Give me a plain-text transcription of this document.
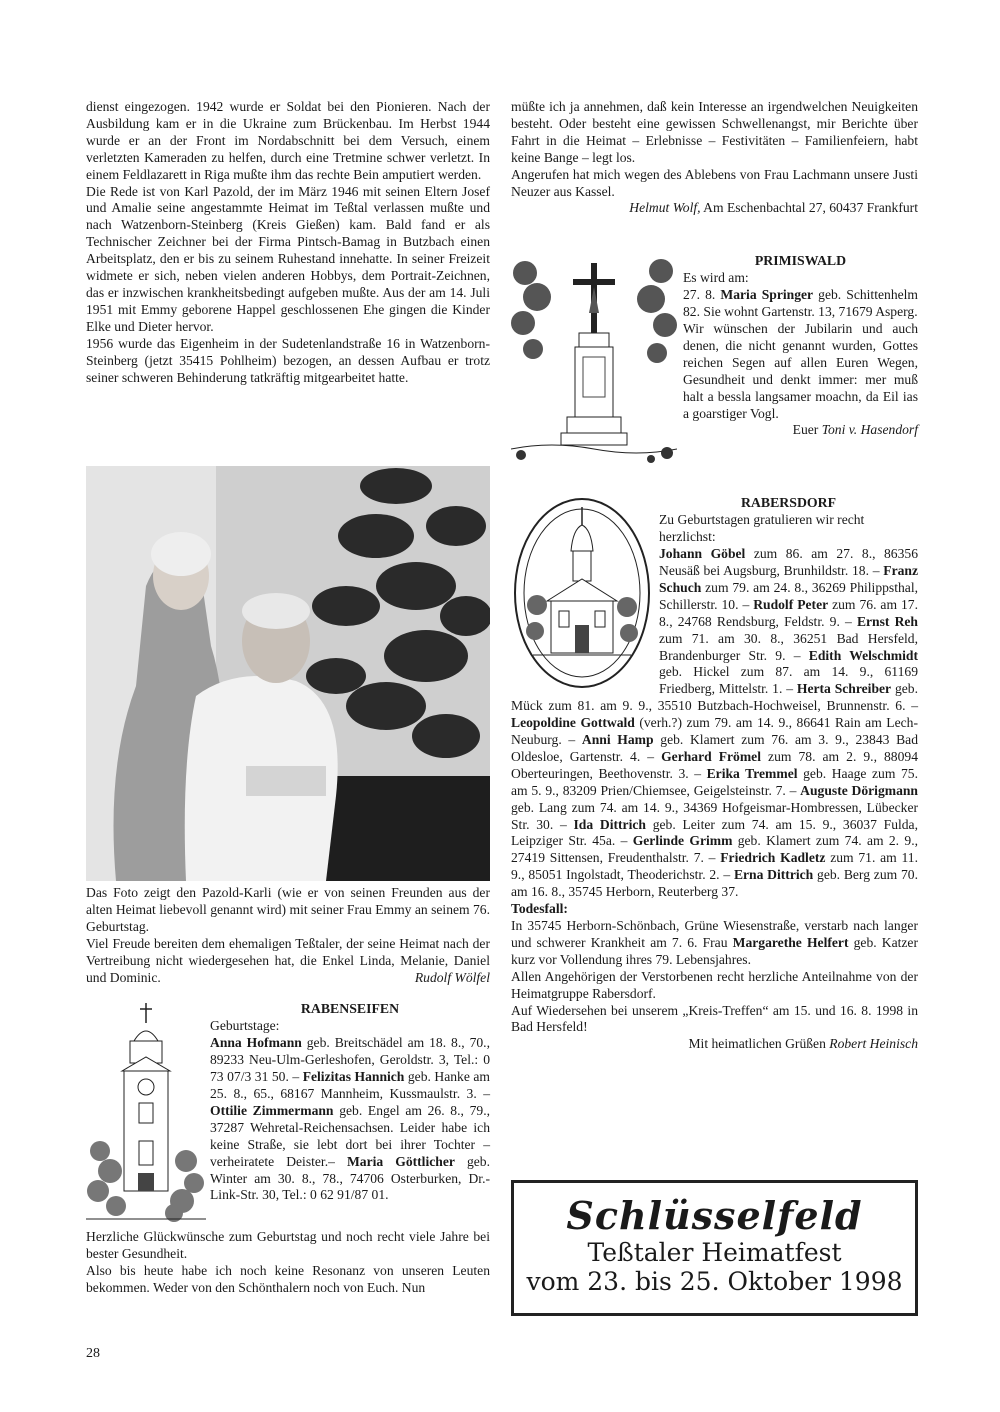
dienst eingezogen. 1942 wurde er Soldat bei den Pionieren. Nach der Ausbildung kam er in die Ukraine zum Brückenbau. Im Herbst 1944 wurde er an der Front im Nordabschnitt bei dem Versuch, einem verletzten Kameraden zu helfen, durch eine Tretmine schwer verletzt. In einem Feldlazarett in Riga mußte ihm das rechte Bein amputiert werden.

Die Rede ist von Karl Pazold, der im März 1946 mit seinen Eltern Josef und Amalie seine angestammte Heimat im Teßtal verlassen mußte und nach Watzenborn-Steinberg (Kreis Gießen) kam. Bald fand er als Technischer Zeichner bei der Firma Pintsch-Bamag in Butzbach einen Arbeitsplatz, den er bis zu seinem Ruhestand innehatte. In seiner Freizeit widmete er sich, neben vielen anderen Hobbys, dem Portrait-Zeichnen, das er inzwischen krankheitsbedingt aufgeben mußte. Aus der am 14. Juli 1951 mit Emmy geborene Happel geschlossenen Ehe gingen die Kinder Elke und Dieter hervor.

1956 wurde das Eigenheim in der Sudetenlandstraße 16 in Watzenborn-Steinberg (jetzt 35415 Pohlheim) bezogen, an dessen Aufbau er trotz seiner schweren Behinderung tatkräftig mitgearbeitet hatte.

Das Foto zeigt den Pazold-Karli (wie er von seinen Freunden aus der alten Heimat liebevoll genannt wird) mit seiner Frau Emmy an seinem 76. Geburtstag.

Viel Freude bereiten dem ehemaligen Teßtaler, der seine Heimat nach der Vertreibung nicht wiedergesehen hat, die Enkel Linda, Melanie, Daniel und Dominic.	Rudolf Wölfel

RABENSEIFEN

Geburtstage:

Anna Hofmann geb. Breitschädel am 18. 8., 70., 89233 Neu-Ulm-Gerleshofen, Geroldstr. 3, Tel.: 0 73 07/3 31 50. – Felizitas Hannich geb. Hanke am 25. 8., 65., 68167 Mannheim, Kussmaulstr. 3. – Ottilie Zimmermann geb. Engel am 26. 8., 79., 37287 Wehretal-Reichensachsen. Leider habe ich keine Straße, sie lebt dort bei ihrer Tochter – verheiratete Deister.– Maria Göttlicher geb. Winter am 30. 8., 78., 74706 Osterburken, Dr.-Link-Str. 30, Tel.: 0 62 91/87 01.

Herzliche Glückwünsche zum Geburtstag und noch recht viele Jahre bei bester Gesundheit.

Also bis heute habe ich noch keine Resonanz von unseren Leuten bekommen. Weder von den Schönthalern noch von Euch. Nun

müßte ich ja annehmen, daß kein Interesse an irgendwelchen Neuigkeiten besteht. Oder besteht eine gewissen Schwellenangst, mir Berichte über Fahrt in die Heimat – Erlebnisse – Festivitäten – Familienfeiern, habt keine Bange – legt los.

Angerufen hat mich wegen des Ablebens von Frau Lachmann unsere Justi Neuzer aus Kassel.

Helmut Wolf, Am Eschenbachtal 27, 60437 Frankfurt

PRIMISWALD

Es wird am:

27. 8. Maria Springer geb. Schittenhelm 82. Sie wohnt Gartenstr. 13, 71679 Asperg.

Wir wünschen der Jubilarin und auch denen, die nicht genannt wurden, Gottes reichen Segen auf allen Euren Wegen, Gesundheit und denkt immer: mer muß halt a bessla langsamer moachn, da Eil ias a goarstiger Vogl.

Euer Toni v. Hasendorf

RABERSDORF

Zu Geburtstagen gratulieren wir recht herzlichst:

Johann Göbel zum 86. am 27. 8., 86356 Neusäß bei Augsburg, Brunhildstr. 18. – Franz Schuch zum 79. am 24. 8., 36269 Philippsthal, Schillerstr. 10. – Rudolf Peter zum 76. am 17. 8., 24768 Rendsburg, Feldstr. 9. – Ernst Reh zum 71. am 30. 8., 36251 Bad Hersfeld, Brandenburger Str. 9. – Edith Welschmidt geb. Hickel zum 87. am 14. 9., 61169 Friedberg, Mittelstr. 1. – Herta Schreiber geb. Mück zum 81. am 9. 9., 35510 Butzbach-Hochweisel, Brunnenstr. 6. – Leopoldine Gottwald (verh.?) zum 79. am 14. 9., 86641 Rain am Lech-Neuburg. – Anni Hamp geb. Klamert zum 76. am 3. 9., 23843 Bad Oldesloe, Gartenstr. 4. – Gerhard Frömel zum 78. am 2. 9., 88094 Oberteuringen, Beethovenstr. 3. – Erika Tremmel geb. Haage zum 75. am 5. 9., 83209 Prien/Chiemsee, Geigelsteinstr. 7. – Auguste Dörigmann geb. Lang zum 74. am 14. 9., 34369 Hofgeismar-Hombressen, Lübecker Str. 30. – Ida Dittrich geb. Leiter zum 74. am 15. 9., 36037 Fulda, Leipziger Str. 45a. – Gerlinde Grimm geb. Klamert zum 74. am 2. 9., 27419 Sittensen, Freudenthalstr. 7. – Friedrich Kadletz zum 71. am 11. 9., 85051 Ingolstadt, Theoderichstr. 2. – Erna Dittrich geb. Berg zum 70. am 16. 8., 35745 Herborn, Reuterberg 37.

Todesfall:

In 35745 Herborn-Schönbach, Grüne Wiesenstraße, verstarb nach langer und schwerer Krankheit am 7. 6. Frau Margarethe Helfert geb. Katzer kurz vor Vollendung ihres 79. Lebensjahres.

Allen Angehörigen der Verstorbenen recht herzliche Anteilnahme von der Heimatgruppe Rabersdorf.

Auf Wiedersehen bei unserem „Kreis-Treffen“ am 15. und 16. 8. 1998 in Bad Hersfeld!

Mit heimatlichen Grüßen Robert Heinisch

Schlüsselfeld
Teßtaler Heimatfest
vom 23. bis 25. Oktober 1998
28
